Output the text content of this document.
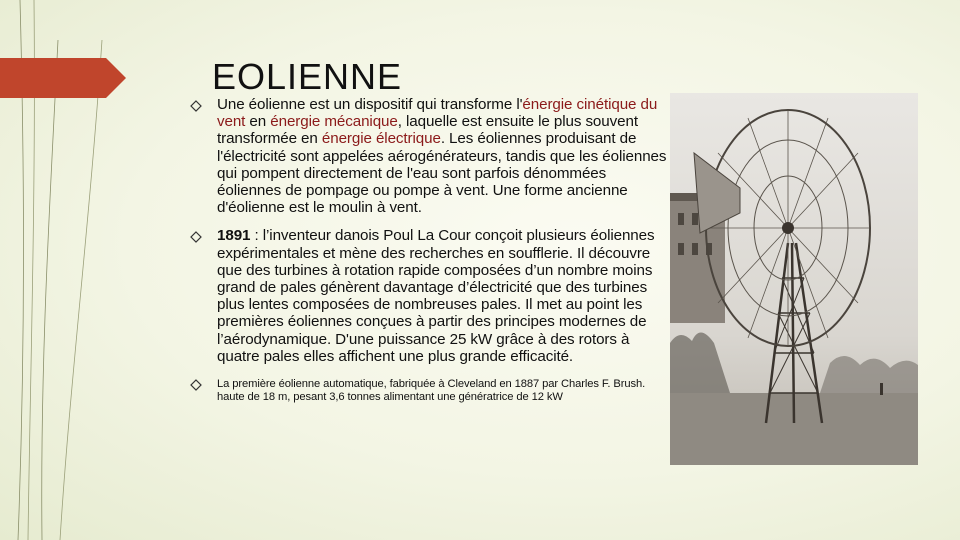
EOLIENNE
Une éolienne est un dispositif qui transforme l'énergie cinétique du vent en énergie mécanique, laquelle est ensuite le plus souvent transformée en énergie électrique. Les éoliennes produisant de l'électricité sont appelées aérogénérateurs, tandis que les éoliennes qui pompent directement de l'eau sont parfois dénommées éoliennes de pompage ou pompe à vent. Une forme ancienne d'éolienne est le moulin à vent.
1891 : l’inventeur danois Poul La Cour conçoit plusieurs éoliennes expérimentales et mène des recherches en soufflerie. Il découvre que des turbines à rotation rapide composées d’un nombre moins grand de pales génèrent davantage d’électricité que des turbines plus lentes composées de nombreuses pales. Il met au point les premières éoliennes conçues à partir des principes modernes de l’aérodynamique. D'une puissance 25 kW grâce à des rotors à quatre pales elles affichent une plus grande efficacité.
La première éolienne automatique, fabriquée à Cleveland en 1887 par Charles F. Brush. haute de 18 m, pesant 3,6 tonnes alimentant une génératrice de 12 kW
